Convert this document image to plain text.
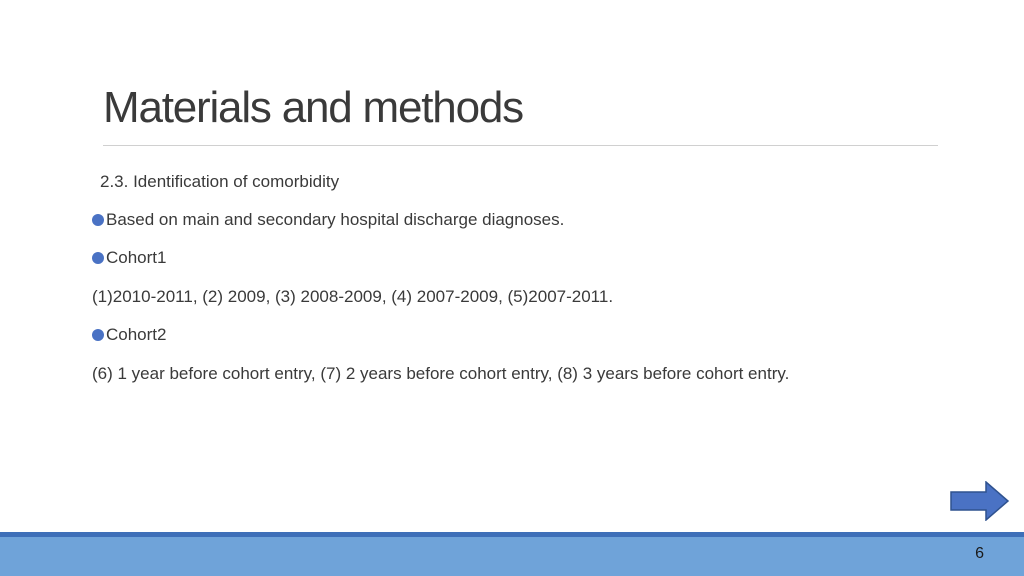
Materials and methods
2.3. Identification of comorbidity
Based on main and secondary hospital discharge diagnoses.
Cohort1
(1)2010-2011, (2) 2009, (3) 2008-2009, (4) 2007-2009, (5)2007-2011.
Cohort2
(6) 1 year before cohort entry, (7) 2 years before cohort entry, (8) 3 years before cohort entry.
6
